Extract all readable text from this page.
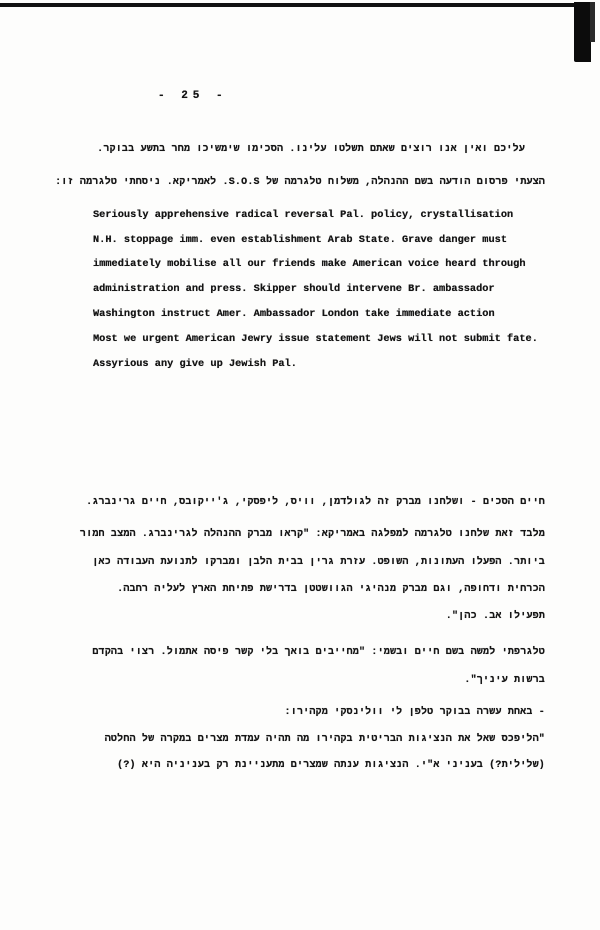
- 25 -
עליכם ואין אנו רוצים שאתם תשלטו עלינו. הסכימו שימשיכו מחר בתשע בבוקר.
הצעתי פרסום הודעה בשם ההנהלה, משלוח טלגרמה של S.O.S. לאמריקא. ניסחתי טלגרמה זו:
Seriously apprehensive radical reversal Pal. policy, crystallisation
N.H. stoppage imm. even establishment Arab State. Grave danger must
immediately mobilise all our friends make American voice heard through
administration and press. Skipper should intervene Br. ambassador
Washington instruct Amer. Ambassador London take immediate action
Most we urgent American Jewry issue statement Jews will not submit fate.
Assyrious any give up Jewish Pal.
חיים הסכים - ושלחנו מברק זה לגולדמן, וויס, ליפסקי, ג'ייקובס, חיים גרינברג.
מלבד זאת שלחנו טלגרמה למפלגה באמריקא: "קראו מברק ההנהלה לגרינברג. המצב חמור
ביותר. הפעלו העתונות, השופט. עזרת גרין בבית הלבן ומברקו לתנועת העבודה כאן
הכרחית ודחופה, וגם מברק מנהיגי הגוושטטן בדרישת פתיחת הארץ לעליה רחבה.
תפעילו אב. כהן".
טלגרפתי למשה בשם חיים ובשמי: "מחייבים בואך בלי קשר פיסה אתמול. רצוי בהקדם
ברשות עיניך".
- באחת עשרה בבוקר טלפן לי וולינסקי מקהירו:
"הליפכס שאל את הנציגות הבריטית בקהירו מה תהיה עמדת מצרים במקרה של החלטה
(שלילית?) בעניני א"י. הנציגות ענתה שמצרים מתעניינת רק בעניניה היא (?)
